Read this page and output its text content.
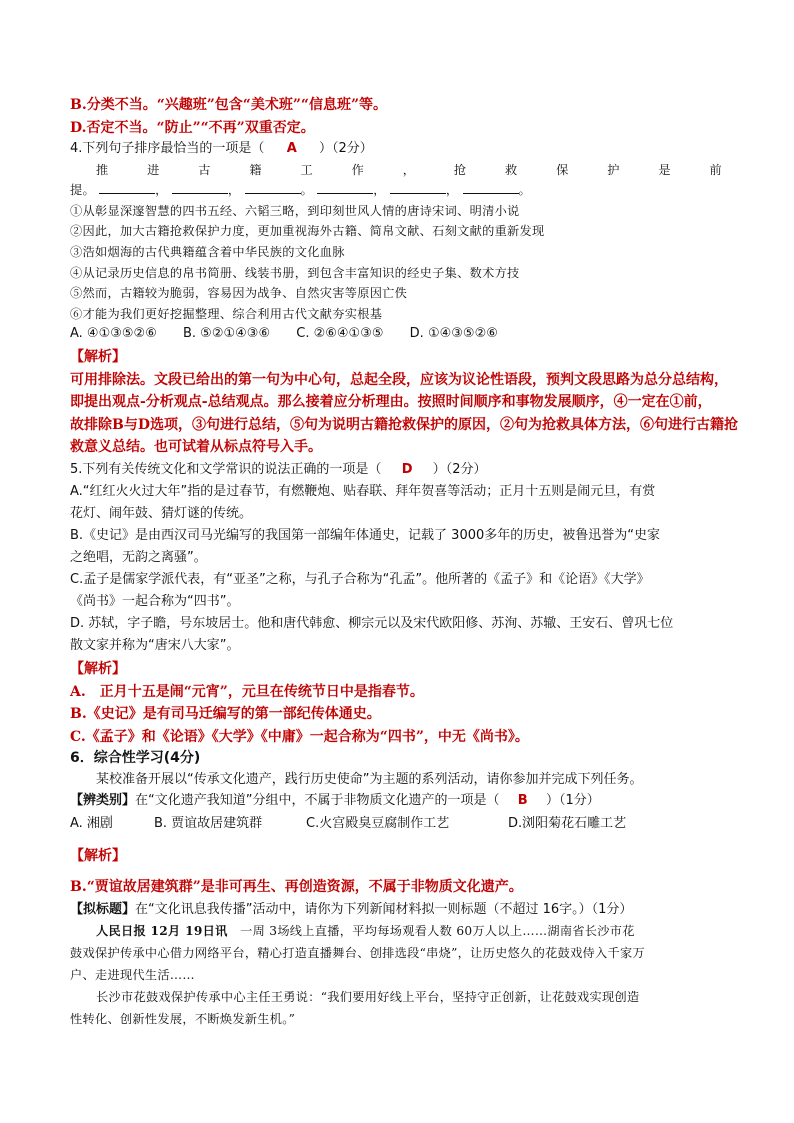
B.分类不当。“兴趣班”包含“美术班”“信息班”等。
D.否定不当。“防止”“不再”双重否定。
4.下列句子排序最恰当的一项是（ A ）（2分）
推	进	古	籍	工	作	，	抢	救	保	护	是	前
提。	，	，	。	，	，	。
①从彰显深邃智慧的四书五经、六韬三略，到印刻世风人情的唐诗宋词、明清小说
②因此，加大古籍抢救保护力度，更加重视海外古籍、简帛文献、石刻文献的重新发现
③浩如烟海的古代典籍蕴含着中华民族的文化血脉
④从记录历史信息的帛书简册、线装书册，到包含丰富知识的经史子集、数术方技
⑤然而，古籍较为脆弱，容易因为战争、自然灾害等原因亡佚
⑥才能为我们更好挖掘整理、综合利用古代文献夯实根基
A. ④①③⑤②⑥ B. ⑤②①④③⑥ C. ②⑥④①③⑤ D. ①④③⑤②⑥
【解析】
可用排除法。文段已给出的第一句为中心句，总起全段，应该为议论性语段，预判文段思路为总分总结构，
即提出观点-分析观点-总结观点。那么接着应分析理由。按照时间顺序和事物发展顺序，④一定在①前，
故排除B与D选项，③句进行总结，⑤句为说明古籍抢救保护的原因，②句为抢救具体方法，⑥句进行古籍抢
救意义总结。也可试着从标点符号入手。
5.下列有关传统文化和文学常识的说法正确的一项是（ D ）（2分）
A.“红红火火过大年”指的是过春节，有燃鞭炮、贴春联、拜年贺喜等活动；正月十五则是闹元旦，有赏
花灯、闹年鼓、猜灯谜的传统。
B.《史记》是由西汉司马光编写的我国第一部编年体通史，记载了 3000多年的历史，被鲁迅誉为“史家
之绝唱，无韵之离骚”。
C.孟子是儒家学派代表，有“亚圣”之称，与孔子合称为“孔孟”。他所著的《孟子》和《论语》《大学》
《尚书》一起合称为“四书”。
D. 苏轼，字子瞻，号东坡居士。他和唐代韩愈、柳宗元以及宋代欧阳修、苏洵、苏辙、王安石、曾巩七位
散文家并称为“唐宋八大家”。
【解析】
A.　正月十五是闹“元宵”，元旦在传统节日中是指春节。
B.《史记》是有司马迁编写的第一部纪传体通史。
C.《孟子》和《论语》《大学》《中庸》一起合称为“四书”，中无《尚书》。
6．综合性学习(4分)
某校准备开展以“传承文化遗产，践行历史使命”为主题的系列活动，请你参加并完成下列任务。
【辨类别】在“文化遗产我知道”分组中，不属于非物质文化遗产的一项是（ B ）（1分）
A. 湘剧	B. 贾谊故居建筑群	C.火宫殿臭豆腐制作工艺	D.浏阳菊花石雕工艺
【解析】
B.“贾谊故居建筑群”是非可再生、再创造资源，不属于非物质文化遗产。
【拟标题】在“文化讯息我传播”活动中，请你为下列新闻材料拟一则标题（不超过 16字。）（1分）
人民日报 12月 19日讯　一周 3场线上直播，平均每场观看人数 60万人以上……湖南省长沙市花
鼓戏保护传承中心借力网络平台，精心打造直播舞台、创排选段“串烧”，让历史悠久的花鼓戏侍入千家万
户、走进现代生活……
长沙市花鼓戏保护传承中心主任王勇说：“我们要用好线上平台，坚持守正创新，让花鼓戏实现创造
性转化、创新性发展，不断焕发新生机。”
